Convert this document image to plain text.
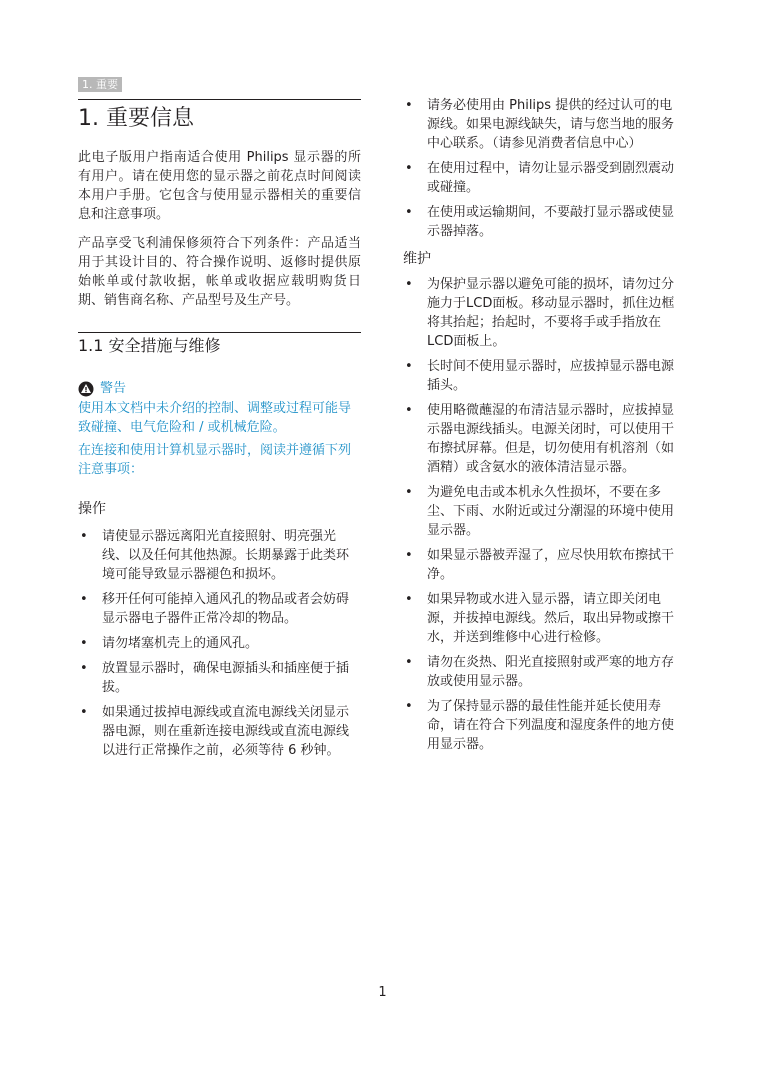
1. 重要
1. 重要信息

此电子版用户指南适合使用 Philips 显示器的所有用户。请在使用您的显示器之前花点时间阅读本用户手册。它包含与使用显示器相关的重要信息和注意事项。

产品享受飞利浦保修须符合下列条件：产品适当用于其设计目的、符合操作说明、返修时提供原始帐单或付款收据，帐单或收据应载明购货日期、销售商名称、产品型号及生产号。

1.1 安全措施与维修
警告

使用本文档中未介绍的控制、调整或过程可能导致碰撞、电气危险和 / 或机械危险。

在连接和使用计算机显示器时，阅读并遵循下列注意事项：

操作
• 请使显示器远离阳光直接照射、明亮强光线、以及任何其他热源。长期暴露于此类环境可能导致显示器褪色和损坏。
• 移开任何可能掉入通风孔的物品或者会妨碍显示器电子器件正常冷却的物品。
• 请勿堵塞机壳上的通风孔。
• 放置显示器时，确保电源插头和插座便于插拔。
• 如果通过拔掉电源线或直流电源线关闭显示器电源，则在重新连接电源线或直流电源线以进行正常操作之前，必须等待 6 秒钟。
• 请务必使用由 Philips 提供的经过认可的电源线。如果电源线缺失，请与您当地的服务中心联系。（请参见消费者信息中心）
• 在使用过程中，请勿让显示器受到剧烈震动或碰撞。
• 在使用或运输期间，不要敲打显示器或使显示器掉落。
维护
• 为保护显示器以避免可能的损坏，请勿过分施力于LCD面板。移动显示器时，抓住边框将其抬起；抬起时，不要将手或手指放在LCD面板上。
• 长时间不使用显示器时，应拔掉显示器电源插头。
• 使用略微蘸湿的布清洁显示器时，应拔掉显示器电源线插头。电源关闭时，可以使用干布擦拭屏幕。但是，切勿使用有机溶剂（如酒精）或含氨水的液体清洁显示器。
• 为避免电击或本机永久性损坏，不要在多尘、下雨、水附近或过分潮湿的环境中使用显示器。
• 如果显示器被弄湿了，应尽快用软布擦拭干净。
• 如果异物或水进入显示器，请立即关闭电源，并拔掉电源线。然后，取出异物或擦干水，并送到维修中心进行检修。
• 请勿在炎热、阳光直接照射或严寒的地方存放或使用显示器。
• 为了保持显示器的最佳性能并延长使用寿命，请在符合下列温度和湿度条件的地方使用显示器。
1
